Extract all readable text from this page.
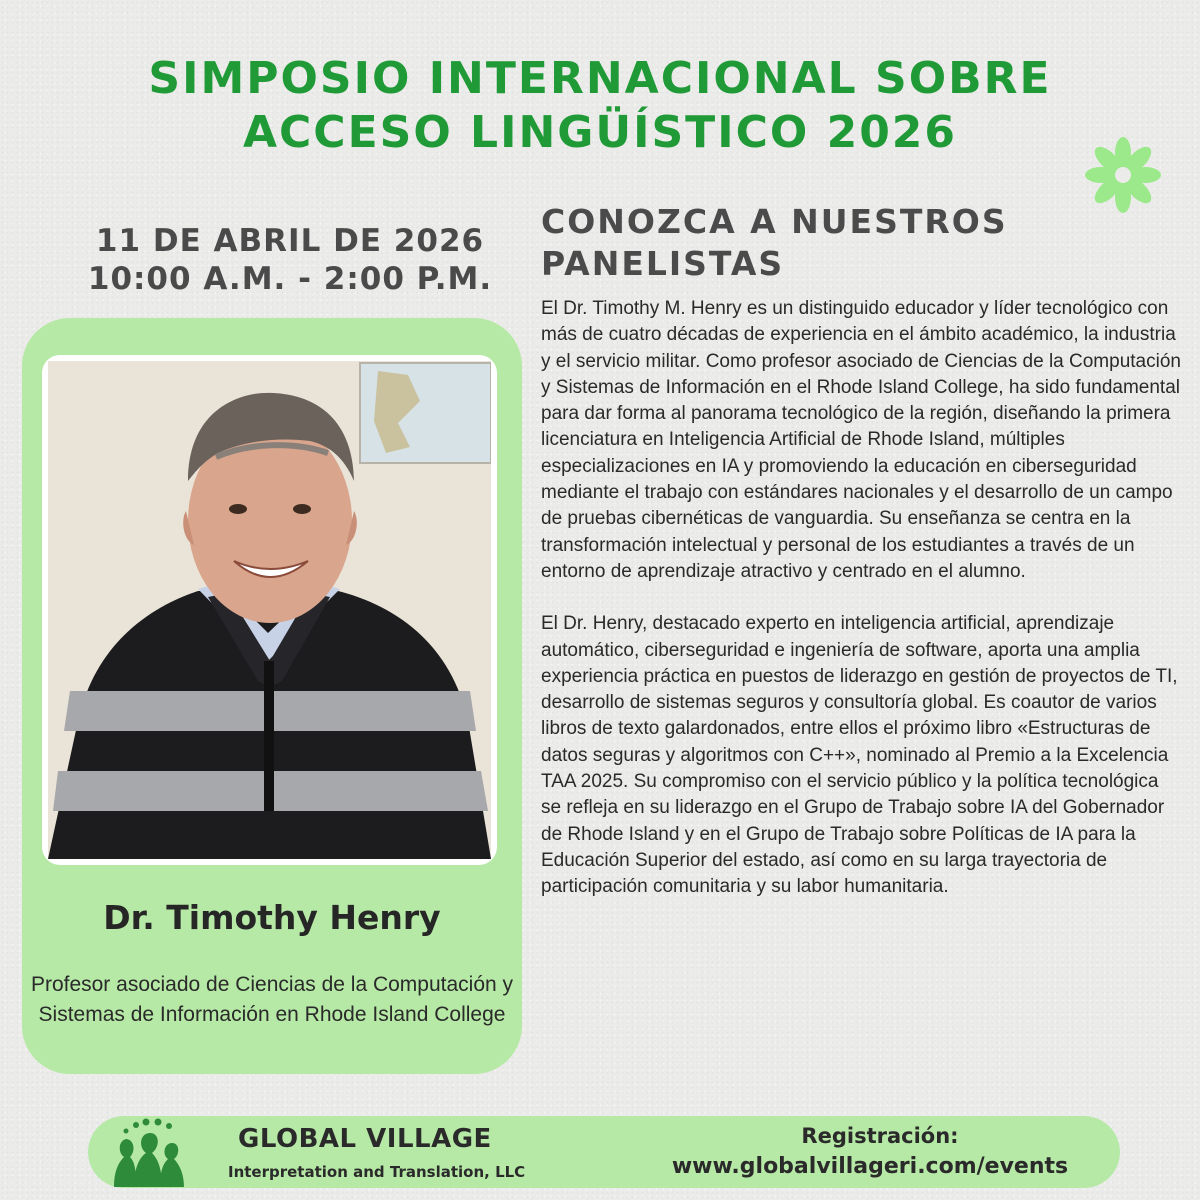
SIMPOSIO INTERNACIONAL SOBRE
ACCESO LINGÜÍSTICO 2026
11 DE ABRIL DE 2026
10:00 A.M. - 2:00 P.M.
CONOZCA A NUESTROS
PANELISTAS

El Dr. Timothy M. Henry es un distinguido educador y líder tecnológico con más de cuatro décadas de experiencia en el ámbito académico, la industria y el servicio militar. Como profesor asociado de Ciencias de la Computación y Sistemas de Información en el Rhode Island College, ha sido fundamental para dar forma al panorama tecnológico de la región, diseñando la primera licenciatura en Inteligencia Artificial de Rhode Island, múltiples especializaciones en IA y promoviendo la educación en ciberseguridad mediante el trabajo con estándares nacionales y el desarrollo de un campo de pruebas cibernéticas de vanguardia. Su enseñanza se centra en la transformación intelectual y personal de los estudiantes a través de un entorno de aprendizaje atractivo y centrado en el alumno.

El Dr. Henry, destacado experto en inteligencia artificial, aprendizaje automático, ciberseguridad e ingeniería de software, aporta una amplia experiencia práctica en puestos de liderazgo en gestión de proyectos de TI, desarrollo de sistemas seguros y consultoría global. Es coautor de varios libros de texto galardonados, entre ellos el próximo libro «Estructuras de datos seguras y algoritmos con C++», nominado al Premio a la Excelencia TAA 2025. Su compromiso con el servicio público y la política tecnológica se refleja en su liderazgo en el Grupo de Trabajo sobre IA del Gobernador de Rhode Island y en el Grupo de Trabajo sobre Políticas de IA para la Educación Superior del estado, así como en su larga trayectoria de participación comunitaria y su labor humanitaria.

Dr. Timothy Henry
Profesor asociado de Ciencias de la Computación y Sistemas de Información en Rhode Island College
GLOBAL VILLAGE
Interpretation and Translation, LLC
Registración:
www.globalvillageri.com/events
